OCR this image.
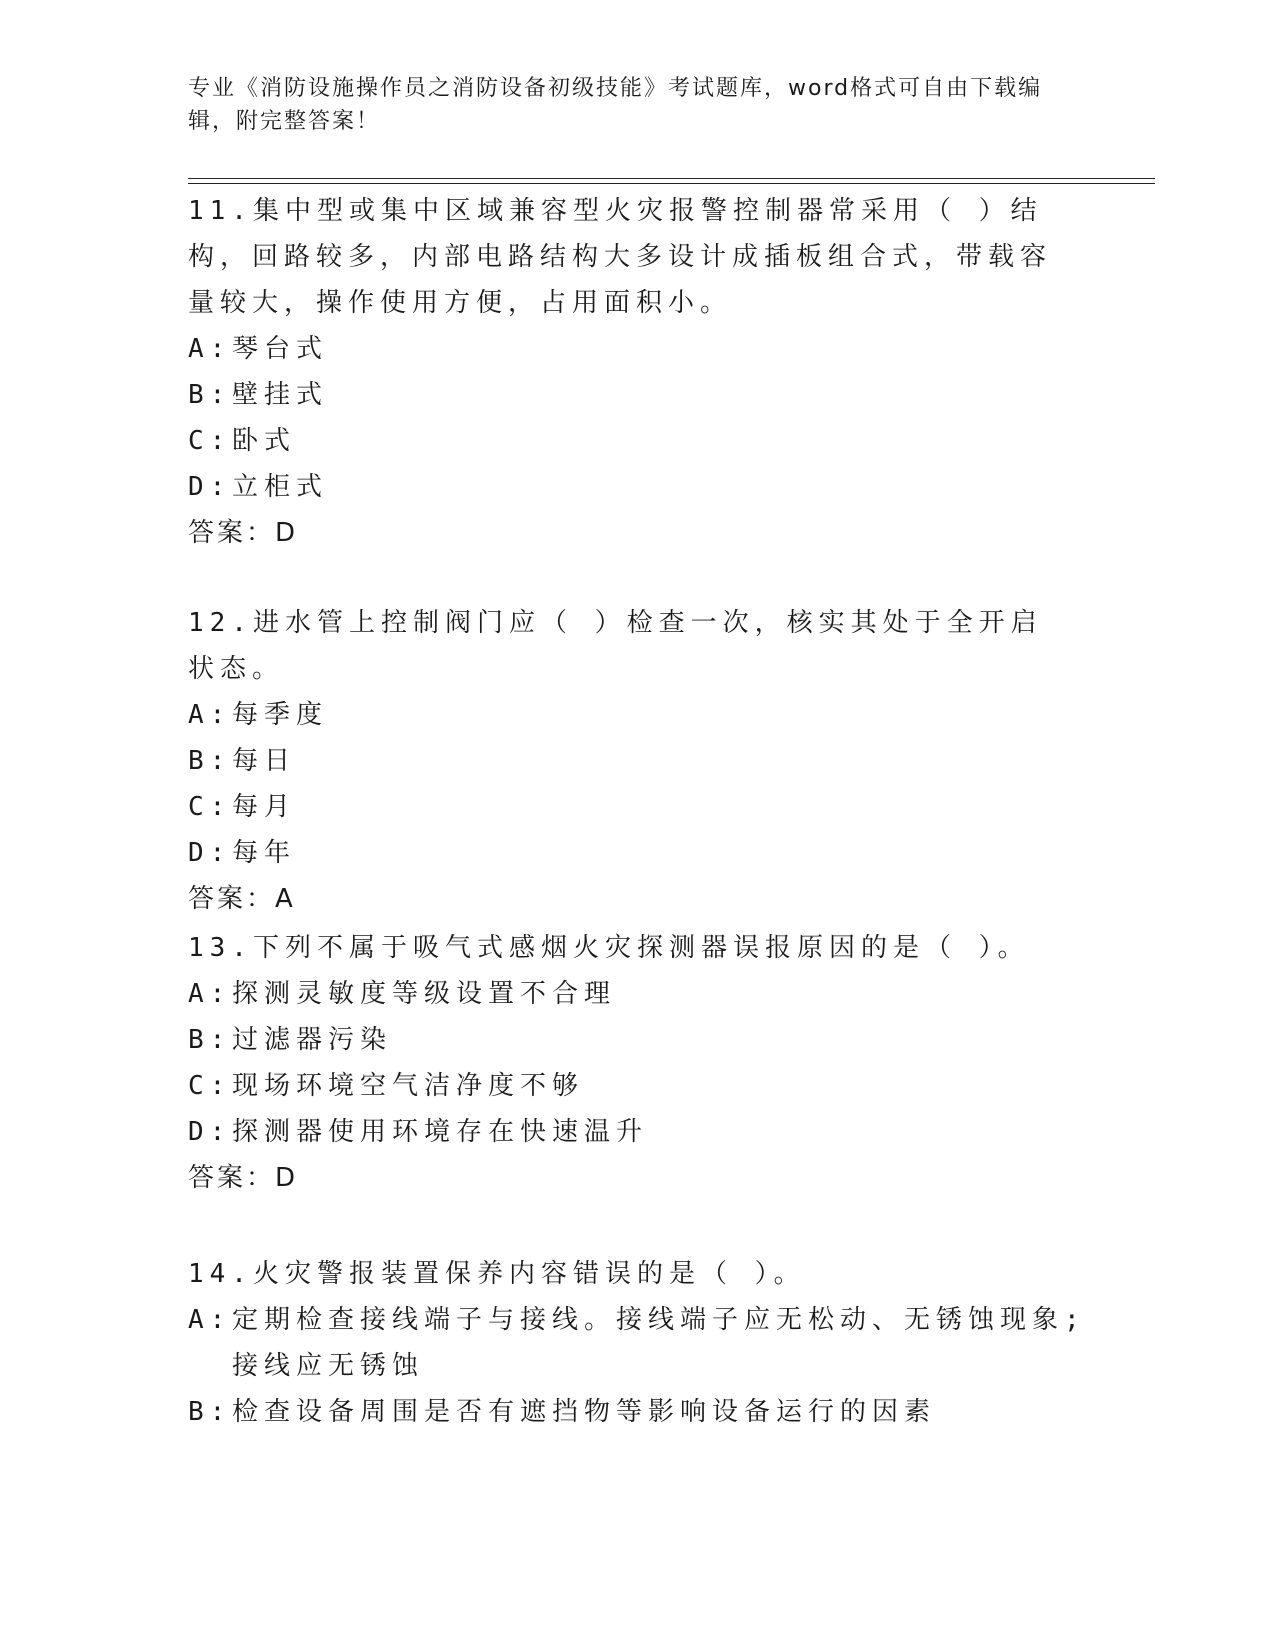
专业《消防设施操作员之消防设备初级技能》考试题库，word格式可自由下载编辑，附完整答案！
11.集中型或集中区域兼容型火灾报警控制器常采用（ ）结构，回路较多，内部电路结构大多设计成插板组合式，带载容量较大，操作使用方便，占用面积小。
A: 琴台式
B: 壁挂式
C: 卧式
D: 立柜式
答案：D
12.进水管上控制阀门应（ ）检查一次，核实其处于全开启状态。
A: 每季度
B: 每日
C: 每月
D: 每年
答案：A
13.下列不属于吸气式感烟火灾探测器误报原因的是（ ）。
A: 探测灵敏度等级设置不合理
B: 过滤器污染
C: 现场环境空气洁净度不够
D: 探测器使用环境存在快速温升
答案：D
14.火灾警报装置保养内容错误的是（ ）。
A: 定期检查接线端子与接线。接线端子应无松动、无锈蚀现象;接线应无锈蚀
B: 检查设备周围是否有遮挡物等影响设备运行的因素
